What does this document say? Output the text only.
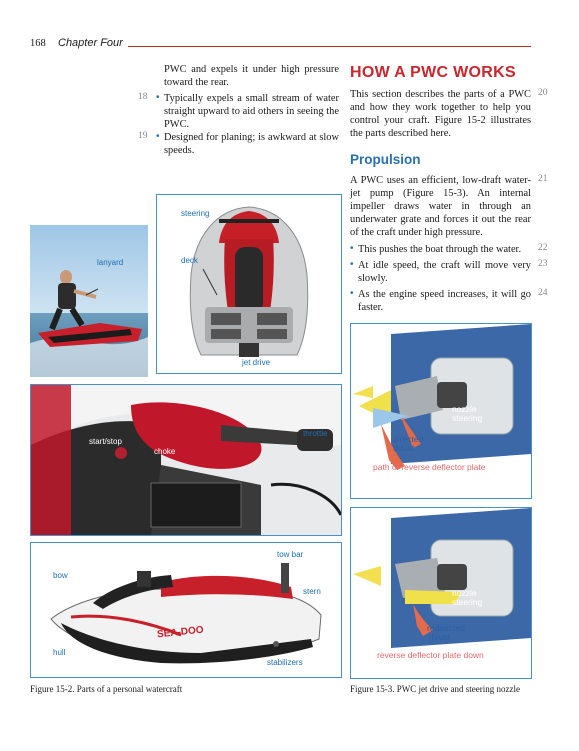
168 Chapter Four
PWC and expels it under high pressure toward the rear.
18 • Typically expels a small stream of water straight upward to aid others in seeing the PWC.
19 • Designed for planing; is awkward at slow speeds.
HOW A PWC WORKS
This section describes the parts of a PWC and how they work together to help you control your craft. Figure 15-2 illustrates the parts described here.
20
Propulsion
A PWC uses an efficient, low-draft water-jet pump (Figure 15-3). An internal impeller draws water in through an underwater grate and forces it out the rear of the craft under high pressure.
21
• This pushes the boat through the water.	22
• At idle speed, the craft will move very slowly.
23
• As the engine speed increases, it will go faster.
24
lanyard
steering
deck
jet drive
start/stop
choke
throttle
tow bar
bow
stern
hull
stabilizers
SEA-DOO
nozzle
steering
directed
thrust
path of reverse deflector plate
nozzle
steering
redirected
thrust
reverse deflector plate down
Figure 15-2. Parts of a personal watercraft	Figure 15-3. PWC jet drive and steering nozzle
